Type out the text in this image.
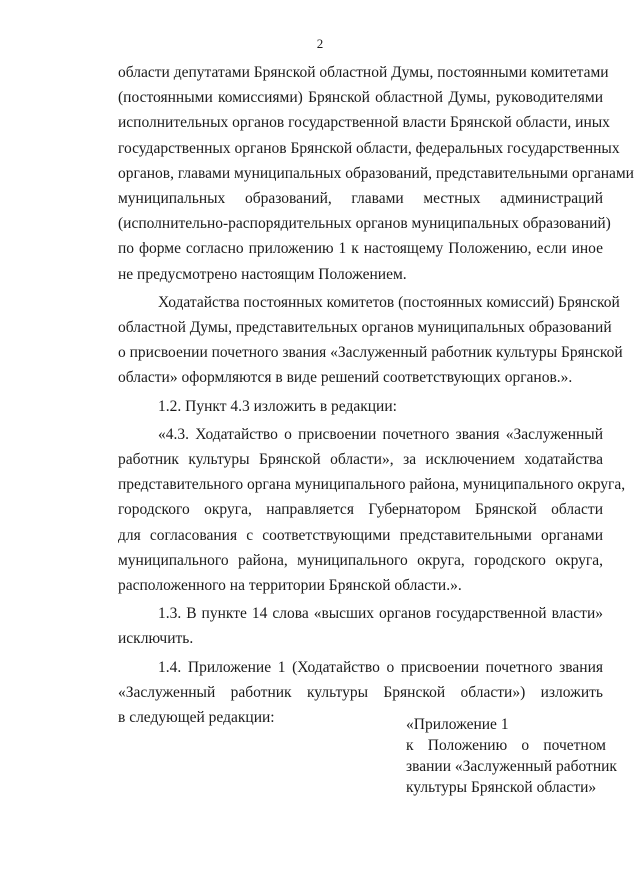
2

области депутатами Брянской областной Думы, постоянными комитетами
(постоянными комиссиями) Брянской областной Думы, руководителями
исполнительных органов государственной власти Брянской области, иных
государственных органов Брянской области, федеральных государственных
органов, главами муниципальных образований, представительными органами
муниципальных образований, главами местных администраций
(исполнительно-распорядительных органов муниципальных образований)
по форме согласно приложению 1 к настоящему Положению, если иное
не предусмотрено настоящим Положением.

Ходатайства постоянных комитетов (постоянных комиссий) Брянской
областной Думы, представительных органов муниципальных образований
о присвоении почетного звания «Заслуженный работник культуры Брянской
области» оформляются в виде решений соответствующих органов.».

1.2. Пункт 4.3 изложить в редакции:

«4.3. Ходатайство о присвоении почетного звания «Заслуженный
работник культуры Брянской области», за исключением ходатайства
представительного органа муниципального района, муниципального округа,
городского округа, направляется Губернатором Брянской области
для согласования с соответствующими представительными органами
муниципального района, муниципального округа, городского округа,
расположенного на территории Брянской области.».

1.3. В пункте 14 слова «высших органов государственной власти»
исключить.

1.4. Приложение 1 (Ходатайство о присвоении почетного звания
«Заслуженный работник культуры Брянской области») изложить
в следующей редакции:	«Приложение 1
к Положению о почетном
звании «Заслуженный работник
культуры Брянской области»
